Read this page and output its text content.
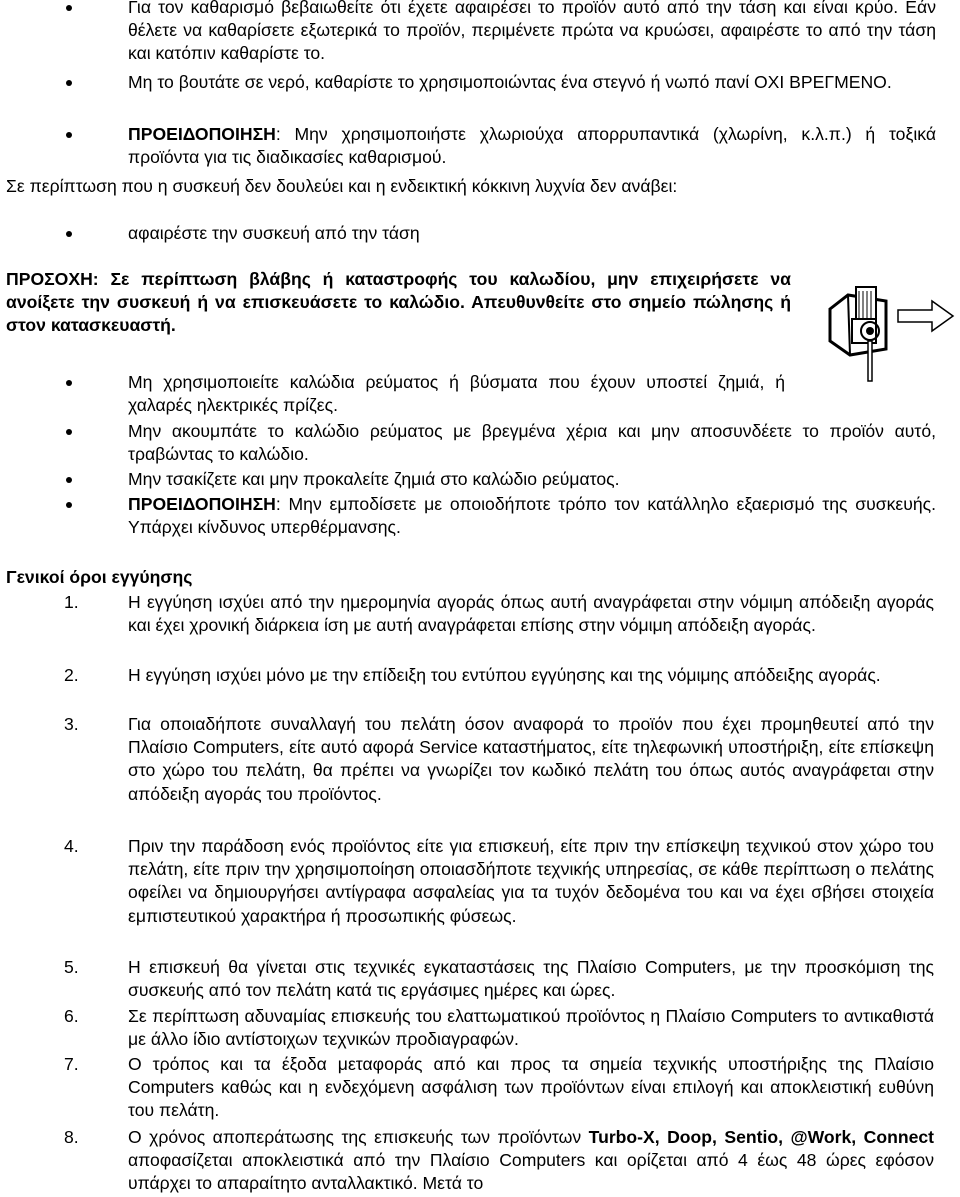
Για τον καθαρισμό βεβαιωθείτε ότι έχετε αφαιρέσει το προϊόν αυτό από την τάση και είναι κρύο. Εάν θέλετε να καθαρίσετε εξωτερικά το προϊόν, περιμένετε πρώτα να κρυώσει, αφαιρέστε το από την τάση και κατόπιν καθαρίστε το.
Μη το βουτάτε σε νερό, καθαρίστε το χρησιμοποιώντας ένα στεγνό ή νωπό πανί ΟΧΙ ΒΡΕΓΜΕΝΟ.
ΠΡΟΕΙΔΟΠΟΙΗΣΗ: Μην χρησιμοποιήστε χλωριούχα απορρυπαντικά (χλωρίνη, κ.λ.π.) ή τοξικά προϊόντα για τις διαδικασίες καθαρισμού.
Σε περίπτωση που η συσκευή δεν δουλεύει και η ενδεικτική κόκκινη λυχνία δεν ανάβει:
αφαιρέστε την συσκευή από την τάση
ΠΡΟΣΟΧΗ: Σε περίπτωση βλάβης ή καταστροφής του καλωδίου, μην επιχειρήσετε να ανοίξετε την συσκευή ή να επισκευάσετε το καλώδιο. Απευθυνθείτε στο σημείο πώλησης ή στον κατασκευαστή.
Μη χρησιμοποιείτε καλώδια ρεύματος ή βύσματα που έχουν υποστεί ζημιά, ή χαλαρές ηλεκτρικές πρίζες.
Μην ακουμπάτε το καλώδιο ρεύματος με βρεγμένα χέρια και μην αποσυνδέετε το προϊόν αυτό, τραβώντας το καλώδιο.
Μην τσακίζετε και μην προκαλείτε ζημιά στο καλώδιο ρεύματος.
ΠΡΟΕΙΔΟΠΟΙΗΣΗ: Μην εμποδίσετε με οποιοδήποτε τρόπο τον κατάλληλο εξαερισμό της συσκευής. Υπάρχει κίνδυνος υπερθέρμανσης.
Γενικοί όροι εγγύησης
1.	Η εγγύηση ισχύει από την ημερομηνία αγοράς όπως αυτή αναγράφεται στην νόμιμη απόδειξη αγοράς και έχει χρονική διάρκεια ίση με αυτή αναγράφεται επίσης στην νόμιμη απόδειξη αγοράς.
2.	Η εγγύηση ισχύει μόνο με την επίδειξη του εντύπου εγγύησης και της νόμιμης απόδειξης αγοράς.
3.	Για οποιαδήποτε συναλλαγή του πελάτη όσον αναφορά το προϊόν που έχει προμηθευτεί από την Πλαίσιο Computers, είτε αυτό αφορά Service καταστήματος, είτε τηλεφωνική υποστήριξη, είτε επίσκεψη στο χώρο του πελάτη, θα πρέπει να γνωρίζει τον κωδικό πελάτη του όπως αυτός αναγράφεται στην απόδειξη αγοράς του προϊόντος.
4.	Πριν την παράδοση ενός προϊόντος είτε για επισκευή, είτε πριν την επίσκεψη τεχνικού στον χώρο του πελάτη, είτε πριν την χρησιμοποίηση οποιασδήποτε τεχνικής υπηρεσίας, σε κάθε περίπτωση ο πελάτης οφείλει να δημιουργήσει αντίγραφα ασφαλείας για τα τυχόν δεδομένα του και να έχει σβήσει στοιχεία εμπιστευτικού χαρακτήρα ή προσωπικής φύσεως.
5.	Η επισκευή θα γίνεται στις τεχνικές εγκαταστάσεις της Πλαίσιο Computers, με την προσκόμιση της συσκευής από τον πελάτη κατά τις εργάσιμες ημέρες και ώρες.
6.	Σε περίπτωση αδυναμίας επισκευής του ελαττωματικού προϊόντος η Πλαίσιο Computers το αντικαθιστά με άλλο ίδιο αντίστοιχων τεχνικών προδιαγραφών.
7.	Ο τρόπος και τα έξοδα μεταφοράς από και προς τα σημεία τεχνικής υποστήριξης της Πλαίσιο Computers καθώς και η ενδεχόμενη ασφάλιση των προϊόντων είναι επιλογή και αποκλειστική ευθύνη του πελάτη.
8.	Ο χρόνος αποπεράτωσης της επισκευής των προϊόντων Turbo-X, Doop, Sentio, @Work, Connect αποφασίζεται αποκλειστικά από την Πλαίσιο Computers και ορίζεται από 4 έως 48 ώρες εφόσον υπάρχει το απαραίτητο ανταλλακτικό. Μετά το
